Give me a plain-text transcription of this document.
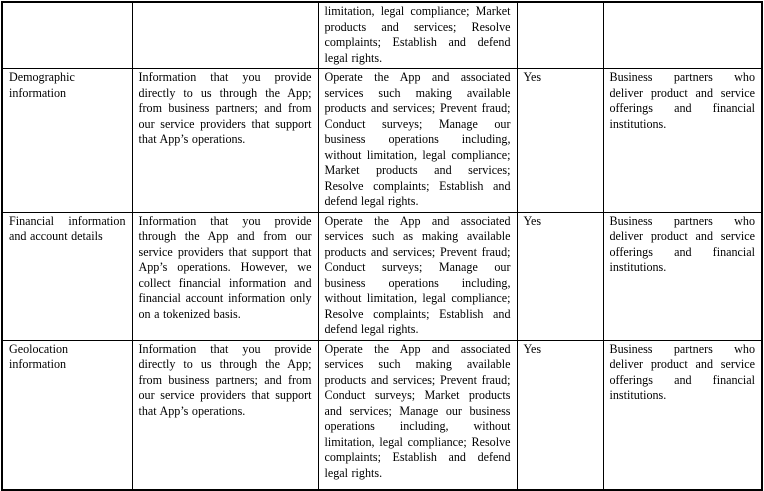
		limitation, legal compliance; Market products and services; Resolve complaints; Establish and defend legal rights.		
Demographic information	Information that you provide directly to us through the App; from business partners; and from our service providers that support that App’s operations.	Operate the App and associated services such making available products and services; Prevent fraud; Conduct surveys; Manage our business operations including, without limitation, legal compliance; Market products and services; Resolve complaints; Establish and defend legal rights.	Yes	Business partners who deliver product and service offerings and financial institutions.
Financial information and account details	Information that you provide through the App and from our service providers that support that App’s operations. However, we collect financial information and financial account information only on a tokenized basis.	Operate the App and associated services such as making available products and services; Prevent fraud; Conduct surveys; Manage our business operations including, without limitation, legal compliance; Resolve complaints; Establish and defend legal rights.	Yes	Business partners who deliver product and service offerings and financial institutions.
Geolocation information	Information that you provide directly to us through the App; from business partners; and from our service providers that support that App’s operations.	Operate the App and associated services such making available products and services; Prevent fraud; Conduct surveys; Market products and services; Manage our business operations including, without limitation, legal compliance; Resolve complaints; Establish and defend legal rights.	Yes	Business partners who deliver product and service offerings and financial institutions.
